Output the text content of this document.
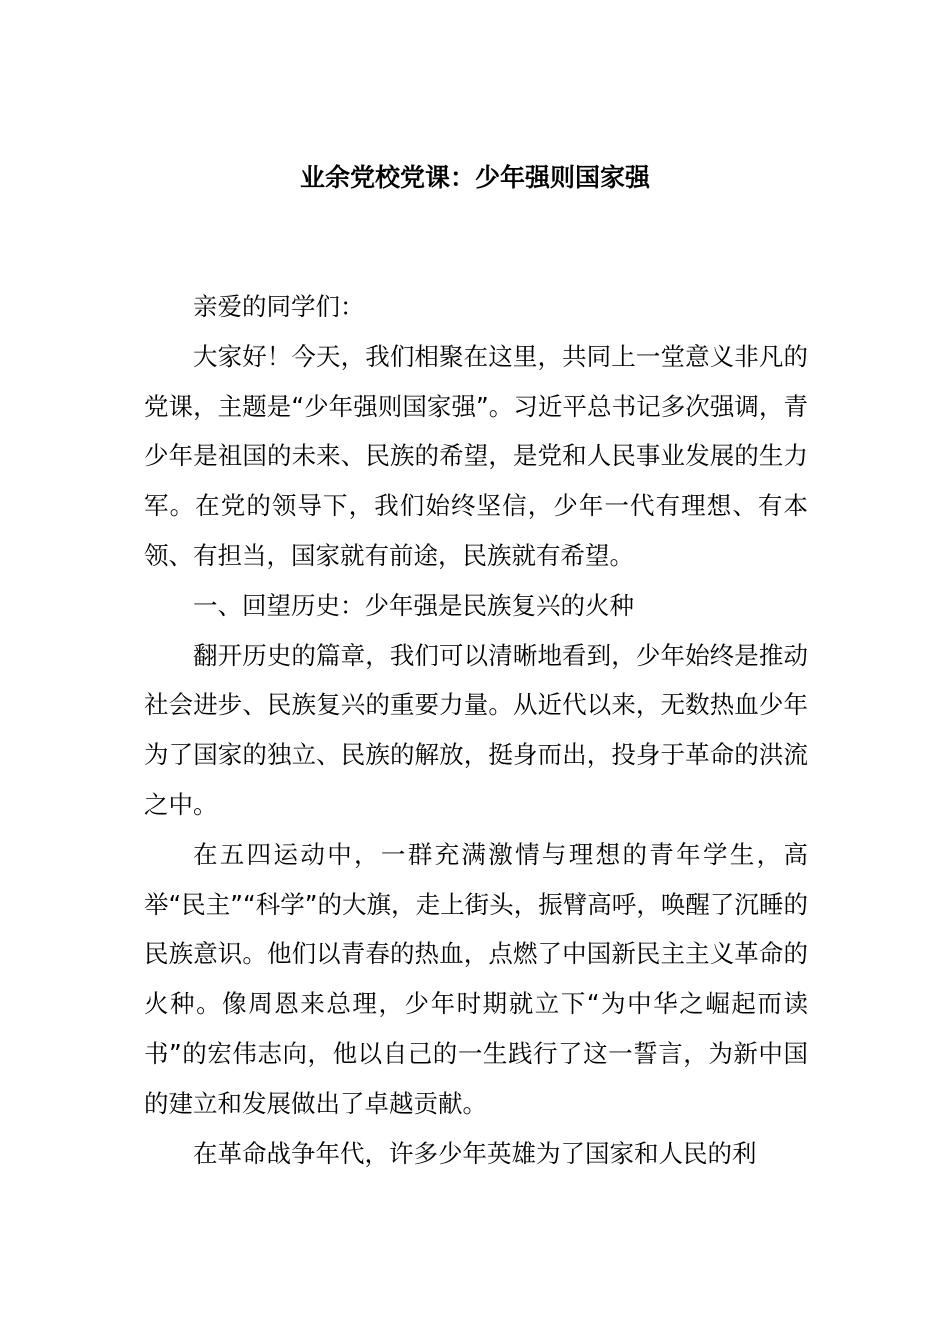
业余党校党课：少年强则国家强

亲爱的同学们：

大家好！今天，我们相聚在这里，共同上一堂意义非凡的党课，主题是“少年强则国家强”。习近平总书记多次强调，青少年是祖国的未来、民族的希望，是党和人民事业发展的生力军。在党的领导下，我们始终坚信，少年一代有理想、有本领、有担当，国家就有前途，民族就有希望。

一、回望历史：少年强是民族复兴的火种

翻开历史的篇章，我们可以清晰地看到，少年始终是推动社会进步、民族复兴的重要力量。从近代以来，无数热血少年为了国家的独立、民族的解放，挺身而出，投身于革命的洪流之中。

在五四运动中，一群充满激情与理想的青年学生，高举“民主”“科学”的大旗，走上街头，振臂高呼，唤醒了沉睡的民族意识。他们以青春的热血，点燃了中国新民主主义革命的火种。像周恩来总理，少年时期就立下“为中华之崛起而读书”的宏伟志向，他以自己的一生践行了这一誓言，为新中国的建立和发展做出了卓越贡献。

在革命战争年代，许多少年英雄为了国家和人民的利
